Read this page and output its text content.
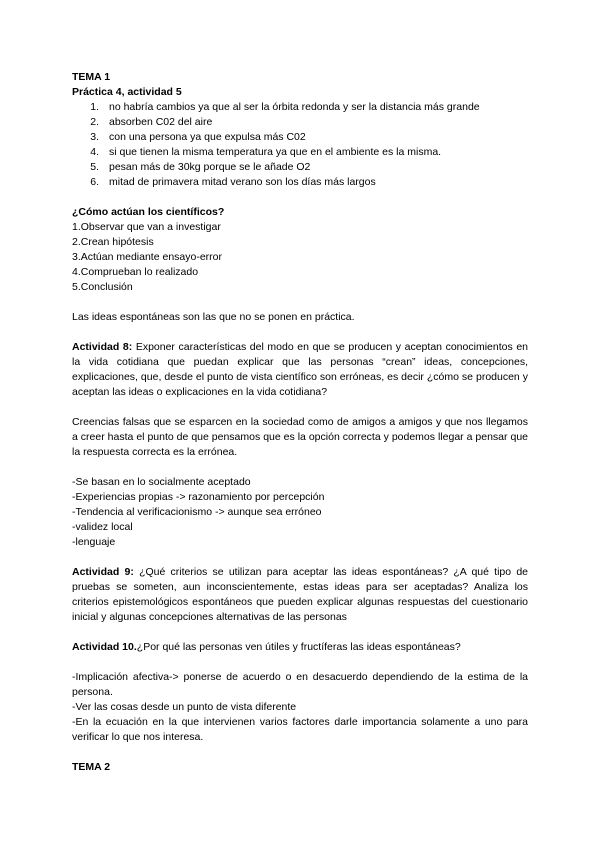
TEMA 1

Práctica 4, actividad 5

1. no habría cambios ya que al ser la órbita redonda y ser la distancia más grande
2. absorben C02 del aire
3. con una persona ya que expulsa más C02
4. si que tienen la misma temperatura ya que en el ambiente es la misma.
5. pesan más de 30kg porque se le añade O2
6. mitad de primavera mitad verano son los días más largos

¿Cómo actúan los científicos?

1.Observar que van a investigar

2.Crean hipótesis

3.Actúan mediante ensayo-error

4.Comprueban lo realizado

5.Conclusión

Las ideas espontáneas son las que no se ponen en práctica.

Actividad 8: Exponer características del modo en que se producen y aceptan conocimientos en la vida cotidiana que puedan explicar que las personas “crean” ideas, concepciones, explicaciones, que, desde el punto de vista científico son erróneas, es decir ¿cómo se producen y aceptan las ideas o explicaciones en la vida cotidiana?

Creencias falsas que se esparcen en la sociedad como de amigos a amigos y que nos llegamos a creer hasta el punto de que pensamos que es la opción correcta y podemos llegar a pensar que la respuesta correcta es la errónea.

-Se basan en lo socialmente aceptado

-Experiencias propias -> razonamiento por percepción

-Tendencia al verificacionismo -> aunque sea erróneo

-validez local

-lenguaje

Actividad 9: ¿Qué criterios se utilizan para aceptar las ideas espontáneas? ¿A qué tipo de pruebas se someten, aun inconscientemente, estas ideas para ser aceptadas? Analiza los criterios epistemológicos espontáneos que pueden explicar algunas respuestas del cuestionario inicial y algunas concepciones alternativas de las personas

Actividad 10.¿Por qué las personas ven útiles y fructíferas las ideas espontáneas?

-Implicación afectiva-> ponerse de acuerdo o en desacuerdo dependiendo de la estima de la persona.

-Ver las cosas desde un punto de vista diferente

-En la ecuación en la que intervienen varios factores darle importancia solamente a uno para verificar lo que nos interesa.

TEMA 2
